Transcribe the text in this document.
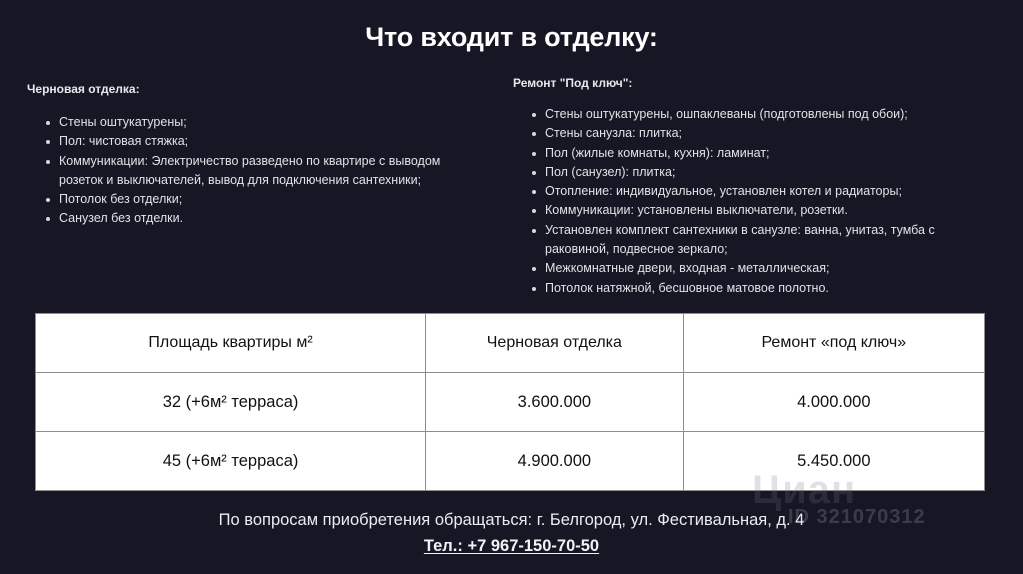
Что входит в отделку:
Черновая отделка:
Стены оштукатурены;
Пол: чистовая стяжка;
Коммуникации: Электричество разведено по квартире с выводом розеток и выключателей, вывод для подключения сантехники;
Потолок без отделки;
Санузел без отделки.
Ремонт "Под ключ":
Стены оштукатурены, ошпаклеваны (подготовлены под обои);
Стены санузла: плитка;
Пол (жилые комнаты, кухня): ламинат;
Пол (санузел): плитка;
Отопление: индивидуальное, установлен котел и радиаторы;
Коммуникации: установлены выключатели, розетки.
Установлен комплект сантехники в санузле: ванна, унитаз, тумба с раковиной, подвесное зеркало;
Межкомнатные двери, входная - металлическая;
Потолок натяжной, бесшовное матовое полотно.
Площадь квартиры м²	Черновая отделка	Ремонт «под ключ»
32 (+6м² терраса)	3.600.000	4.000.000
45 (+6м² терраса)	4.900.000	5.450.000
Циан
ID 321070312
По вопросам приобретения обращаться: г. Белгород, ул. Фестивальная, д. 4
Тел.: +7 967-150-70-50
